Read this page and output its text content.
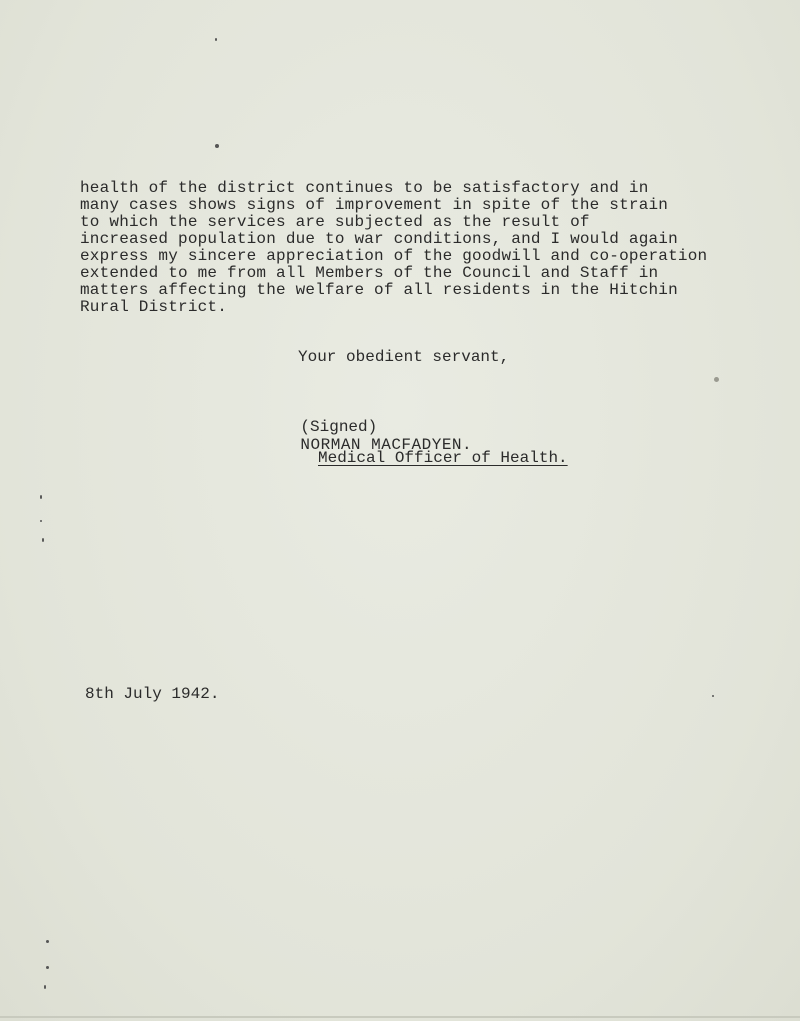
health of the district continues to be satisfactory and in
many cases shows signs of improvement in spite of the strain
to which the services are subjected as the result of
increased population due to war conditions, and I would again
express my sincere appreciation of the goodwill and co-operation
extended to me from all Members of the Council and Staff in
matters affecting the welfare of all residents in the Hitchin
Rural District.
Your obedient servant,

(Signed)
NORMAN MACFADYEN.

Medical Officer of Health.
8th July 1942.
